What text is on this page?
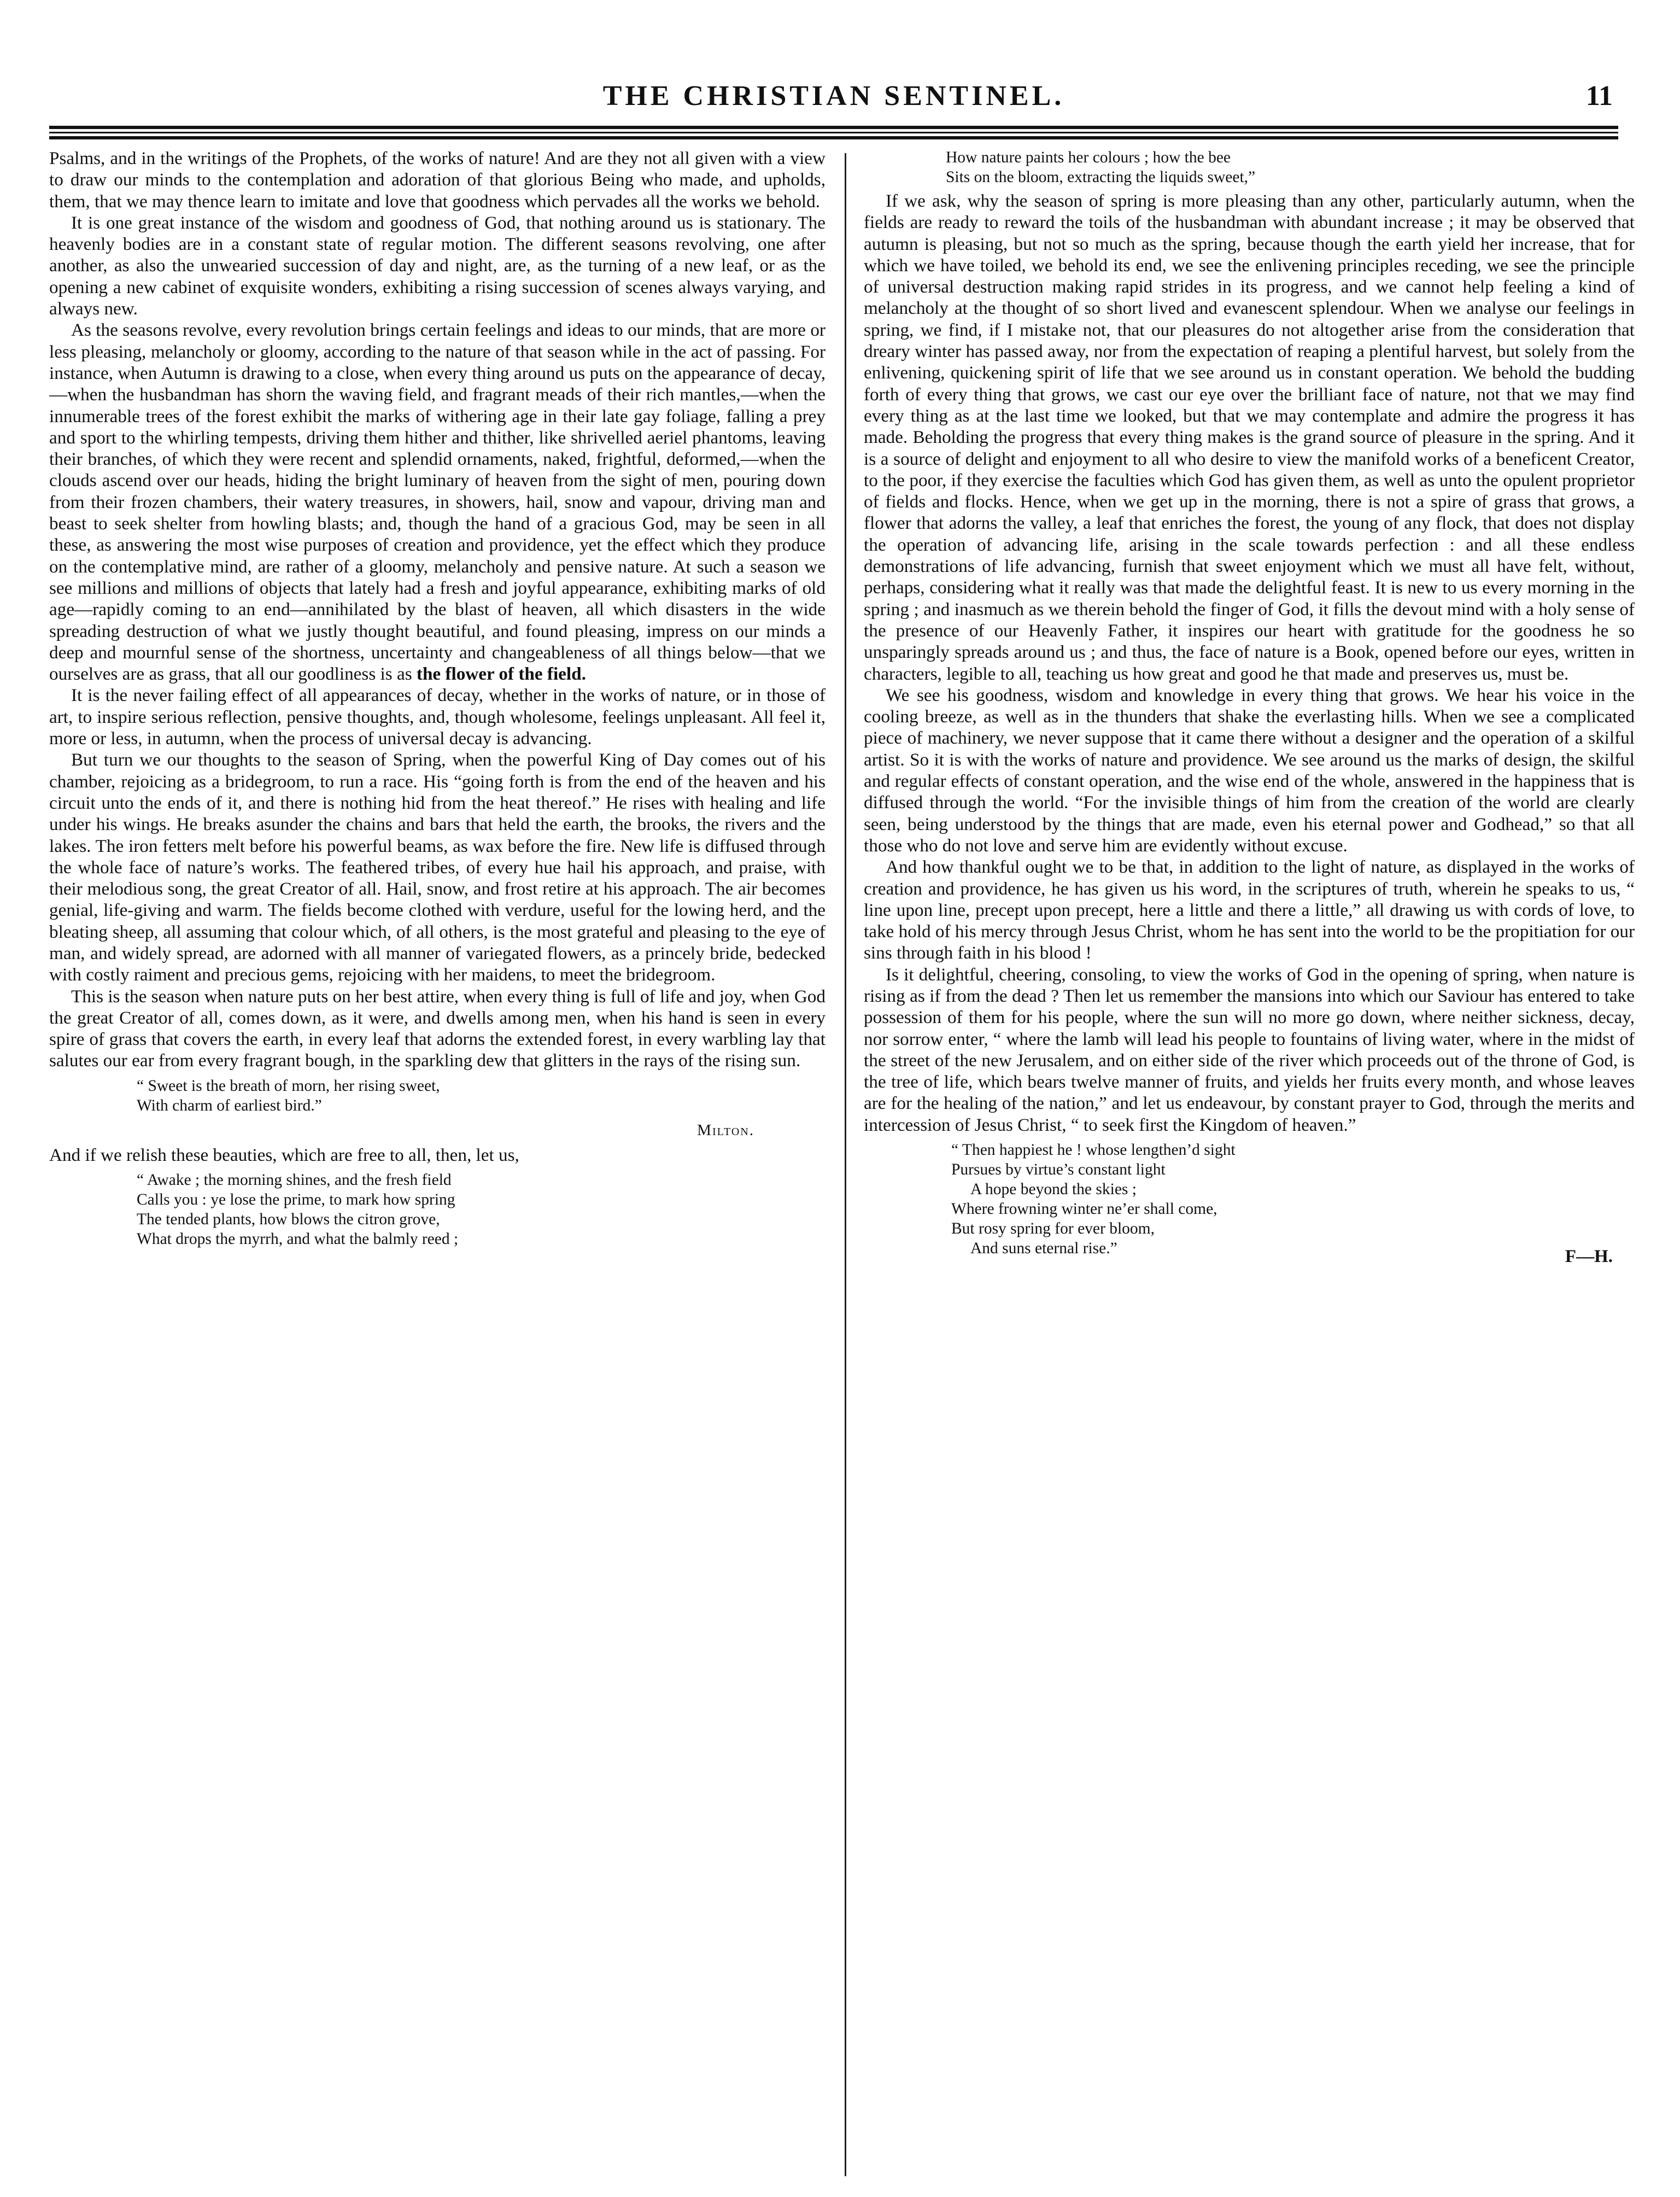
THE CHRISTIAN SENTINEL.	11

Psalms, and in the writings of the Prophets, of the works of nature! And are they not all given with a view to draw our minds to the contemplation and adoration of that glorious Being who made, and upholds, them, that we may thence learn to imitate and love that goodness which pervades all the works we behold.

It is one great instance of the wisdom and goodness of God, that nothing around us is stationary. The heavenly bodies are in a constant state of regular motion. The different seasons revolving, one after another, as also the unwearied succession of day and night, are, as the turning of a new leaf, or as the opening a new cabinet of exquisite wonders, exhibiting a rising succession of scenes always varying, and always new.

As the seasons revolve, every revolution brings certain feelings and ideas to our minds, that are more or less pleasing, melancholy or gloomy, according to the nature of that season while in the act of passing. For instance, when Autumn is drawing to a close, when every thing around us puts on the appearance of decay,—when the husbandman has shorn the waving field, and fragrant meads of their rich mantles,—when the innumerable trees of the forest exhibit the marks of withering age in their late gay foliage, falling a prey and sport to the whirling tempests, driving them hither and thither, like shrivelled aeriel phantoms, leaving their branches, of which they were recent and splendid ornaments, naked, frightful, deformed,—when the clouds ascend over our heads, hiding the bright luminary of heaven from the sight of men, pouring down from their frozen chambers, their watery treasures, in showers, hail, snow and vapour, driving man and beast to seek shelter from howling blasts; and, though the hand of a gracious God, may be seen in all these, as answering the most wise purposes of creation and providence, yet the effect which they produce on the contemplative mind, are rather of a gloomy, melancholy and pensive nature. At such a season we see millions and millions of objects that lately had a fresh and joyful appearance, exhibiting marks of old age—rapidly coming to an end—annihilated by the blast of heaven, all which disasters in the wide spreading destruction of what we justly thought beautiful, and found pleasing, impress on our minds a deep and mournful sense of the shortness, uncertainty and changeableness of all things below—that we ourselves are as grass, that all our goodliness is as the flower of the field.

It is the never failing effect of all appearances of decay, whether in the works of nature, or in those of art, to inspire serious reflection, pensive thoughts, and, though wholesome, feelings unpleasant. All feel it, more or less, in autumn, when the process of universal decay is advancing.

But turn we our thoughts to the season of Spring, when the powerful King of Day comes out of his chamber, rejoicing as a bridegroom, to run a race. His “going forth is from the end of the heaven and his circuit unto the ends of it, and there is nothing hid from the heat thereof.” He rises with healing and life under his wings. He breaks asunder the chains and bars that held the earth, the brooks, the rivers and the lakes. The iron fetters melt before his powerful beams, as wax before the fire. New life is diffused through the whole face of nature’s works. The feathered tribes, of every hue hail his approach, and praise, with their melodious song, the great Creator of all. Hail, snow, and frost retire at his approach. The air becomes genial, life-giving and warm. The fields become clothed with verdure, useful for the lowing herd, and the bleating sheep, all assuming that colour which, of all others, is the most grateful and pleasing to the eye of man, and widely spread, are adorned with all manner of variegated flowers, as a princely bride, bedecked with costly raiment and precious gems, rejoicing with her maidens, to meet the bridegroom.

This is the season when nature puts on her best attire, when every thing is full of life and joy, when God the great Creator of all, comes down, as it were, and dwells among men, when his hand is seen in every spire of grass that covers the earth, in every leaf that adorns the extended forest, in every warbling lay that salutes our ear from every fragrant bough, in the sparkling dew that glitters in the rays of the rising sun.

“ Sweet is the breath of morn, her rising sweet,
With charm of earliest bird.”
Milton.

And if we relish these beauties, which are free to all, then, let us,

“ Awake ; the morning shines, and the fresh field
Calls you : ye lose the prime, to mark how spring
The tended plants, how blows the citron grove,
What drops the myrrh, and what the balmly reed ;
How nature paints her colours ; how the bee
Sits on the bloom, extracting the liquids sweet,”

If we ask, why the season of spring is more pleasing than any other, particularly autumn, when the fields are ready to reward the toils of the husbandman with abundant increase ; it may be observed that autumn is pleasing, but not so much as the spring, because though the earth yield her increase, that for which we have toiled, we behold its end, we see the enlivening principles receding, we see the principle of universal destruction making rapid strides in its progress, and we cannot help feeling a kind of melancholy at the thought of so short lived and evanescent splendour. When we analyse our feelings in spring, we find, if I mistake not, that our pleasures do not altogether arise from the consideration that dreary winter has passed away, nor from the expectation of reaping a plentiful harvest, but solely from the enlivening, quickening spirit of life that we see around us in constant operation. We behold the budding forth of every thing that grows, we cast our eye over the brilliant face of nature, not that we may find every thing as at the last time we looked, but that we may contemplate and admire the progress it has made. Beholding the progress that every thing makes is the grand source of pleasure in the spring. And it is a source of delight and enjoyment to all who desire to view the manifold works of a beneficent Creator, to the poor, if they exercise the faculties which God has given them, as well as unto the opulent proprietor of fields and flocks. Hence, when we get up in the morning, there is not a spire of grass that grows, a flower that adorns the valley, a leaf that enriches the forest, the young of any flock, that does not display the operation of advancing life, arising in the scale towards perfection : and all these endless demonstrations of life advancing, furnish that sweet enjoyment which we must all have felt, without, perhaps, considering what it really was that made the delightful feast. It is new to us every morning in the spring ; and inasmuch as we therein behold the finger of God, it fills the devout mind with a holy sense of the presence of our Heavenly Father, it inspires our heart with gratitude for the goodness he so unsparingly spreads around us ; and thus, the face of nature is a Book, opened before our eyes, written in characters, legible to all, teaching us how great and good he that made and preserves us, must be.

We see his goodness, wisdom and knowledge in every thing that grows. We hear his voice in the cooling breeze, as well as in the thunders that shake the everlasting hills. When we see a complicated piece of machinery, we never suppose that it came there without a designer and the operation of a skilful artist. So it is with the works of nature and providence. We see around us the marks of design, the skilful and regular effects of constant operation, and the wise end of the whole, answered in the happiness that is diffused through the world. “For the invisible things of him from the creation of the world are clearly seen, being understood by the things that are made, even his eternal power and Godhead,” so that all those who do not love and serve him are evidently without excuse.

And how thankful ought we to be that, in addition to the light of nature, as displayed in the works of creation and providence, he has given us his word, in the scriptures of truth, wherein he speaks to us, “ line upon line, precept upon precept, here a little and there a little,” all drawing us with cords of love, to take hold of his mercy through Jesus Christ, whom he has sent into the world to be the propitiation for our sins through faith in his blood !

Is it delightful, cheering, consoling, to view the works of God in the opening of spring, when nature is rising as if from the dead ? Then let us remember the mansions into which our Saviour has entered to take possession of them for his people, where the sun will no more go down, where neither sickness, decay, nor sorrow enter, “ where the lamb will lead his people to fountains of living water, where in the midst of the street of the new Jerusalem, and on either side of the river which proceeds out of the throne of God, is the tree of life, which bears twelve manner of fruits, and yields her fruits every month, and whose leaves are for the healing of the nation,” and let us endeavour, by constant prayer to God, through the merits and intercession of Jesus Christ, “ to seek first the Kingdom of heaven.”

“ Then happiest he ! whose lengthen’d sight
Pursues by virtue’s constant light
A hope beyond the skies ;
Where frowning winter ne’er shall come,
But rosy spring for ever bloom,
And suns eternal rise.”	F—H.
